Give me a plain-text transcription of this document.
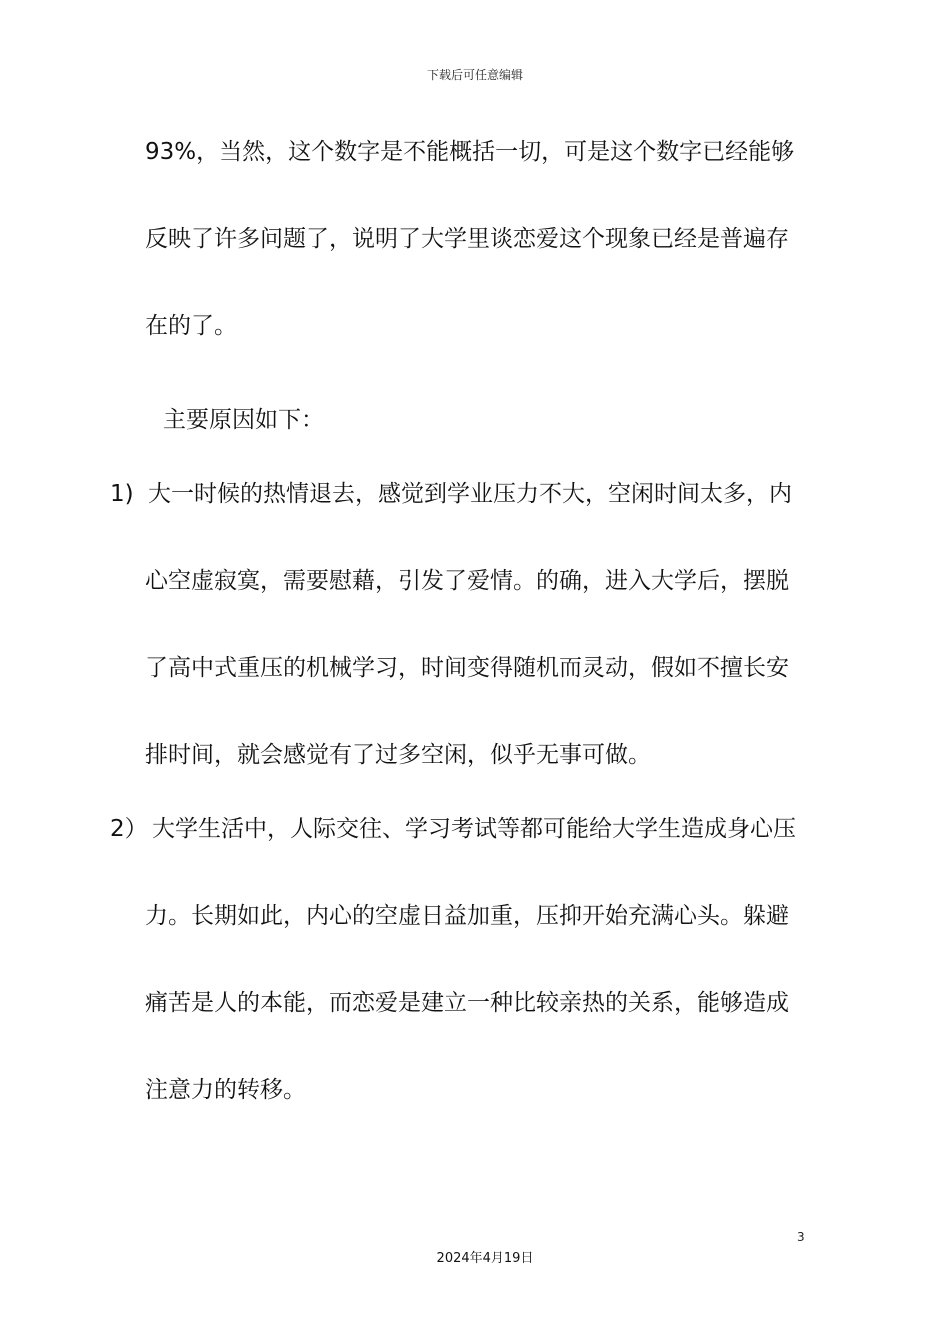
下载后可任意编辑
93%，当然，这个数字是不能概括一切，可是这个数字已经能够
反映了许多问题了，说明了大学里谈恋爱这个现象已经是普遍存
在的了。
主要原因如下：
1) 大一时候的热情退去，感觉到学业压力不大，空闲时间太多，内
心空虚寂寞，需要慰藉，引发了爱情。的确，进入大学后，摆脱
了高中式重压的机械学习，时间变得随机而灵动，假如不擅长安
排时间，就会感觉有了过多空闲，似乎无事可做。
2） 大学生活中，人际交往、学习考试等都可能给大学生造成身心压
力。长期如此，内心的空虚日益加重，压抑开始充满心头。躲避
痛苦是人的本能，而恋爱是建立一种比较亲热的关系，能够造成
注意力的转移。
3
2024年4月19日
